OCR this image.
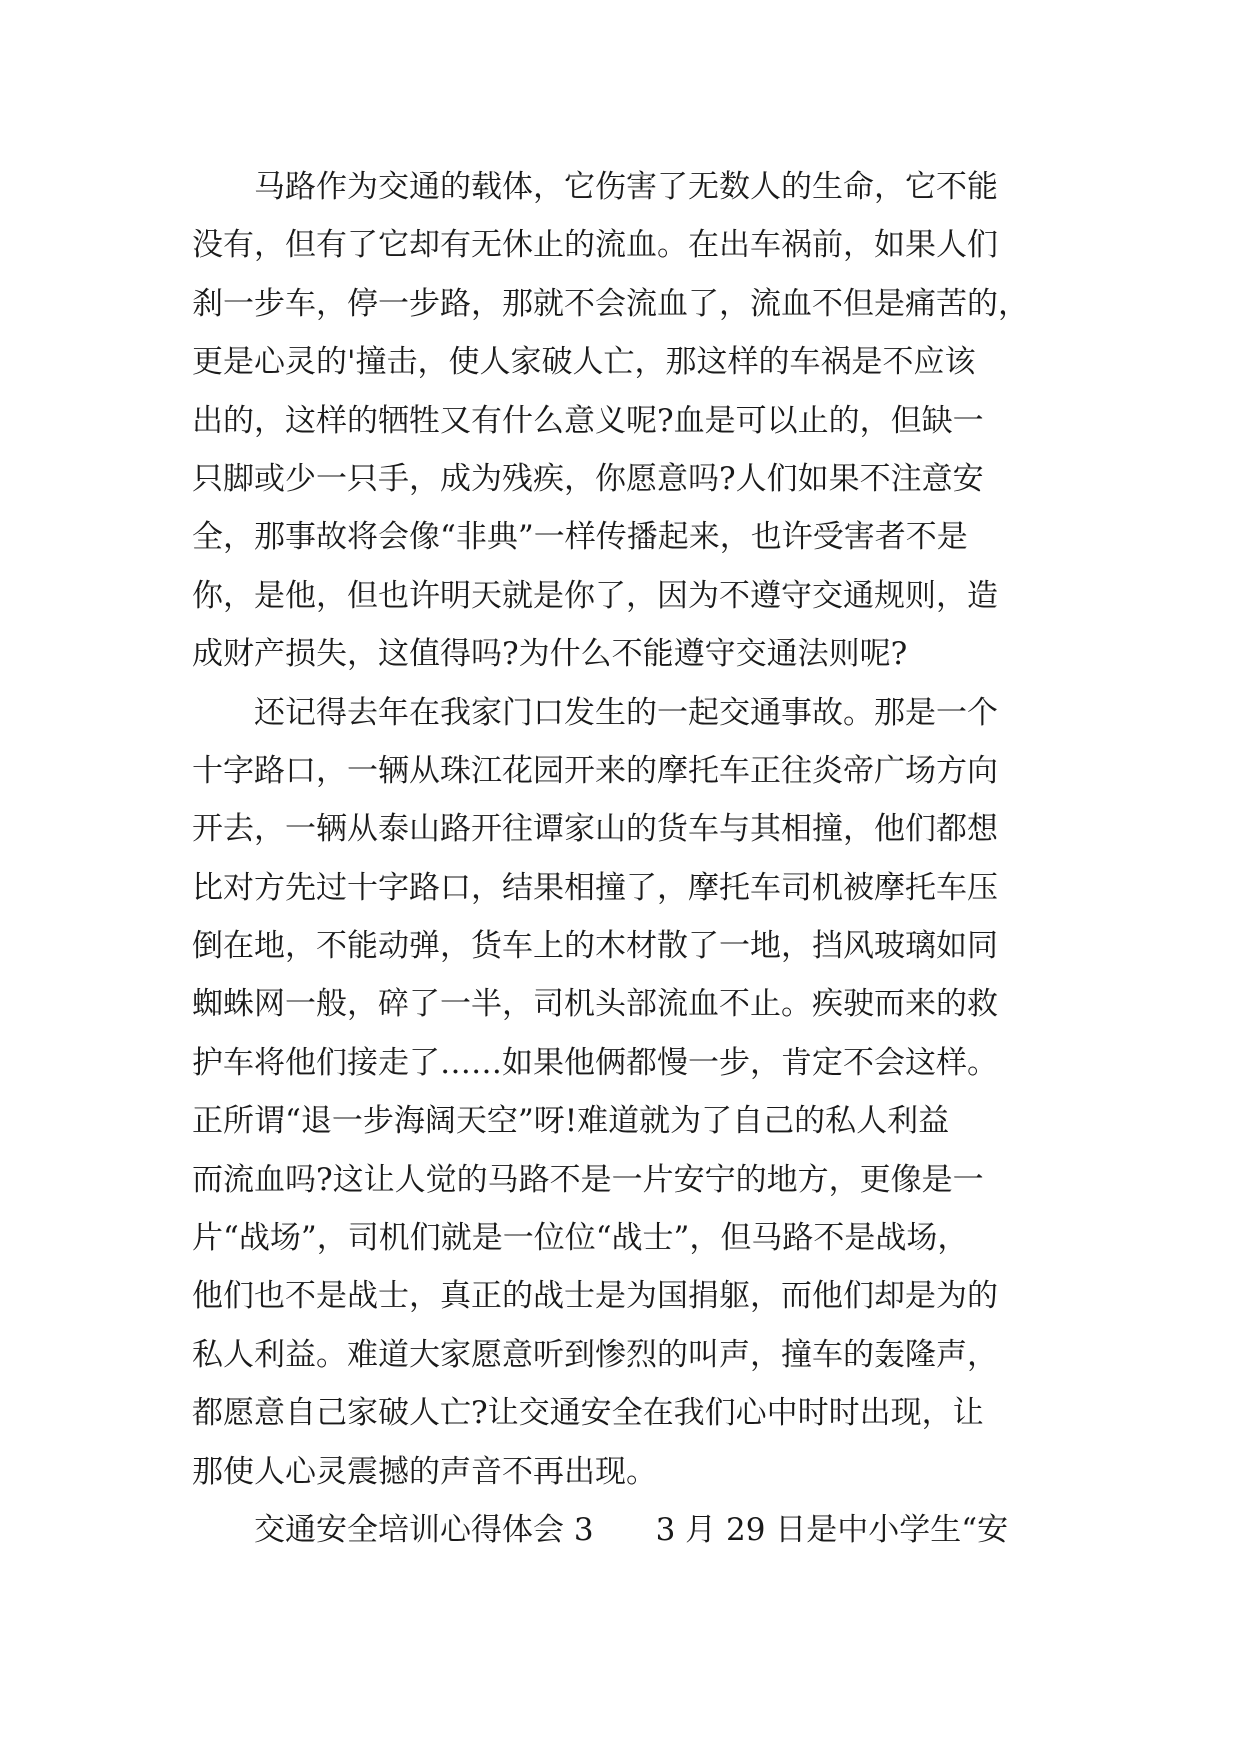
　　马路作为交通的载体，它伤害了无数人的生命，它不能

没有，但有了它却有无休止的流血。在出车祸前，如果人们

刹一步车，停一步路，那就不会流血了，流血不但是痛苦的，

更是心灵的'撞击，使人家破人亡，那这样的车祸是不应该

出的，这样的牺牲又有什么意义呢?血是可以止的，但缺一

只脚或少一只手，成为残疾，你愿意吗?人们如果不注意安

全，那事故将会像“非典”一样传播起来，也许受害者不是

你，是他，但也许明天就是你了，因为不遵守交通规则，造

成财产损失，这值得吗?为什么不能遵守交通法则呢?

　　还记得去年在我家门口发生的一起交通事故。那是一个

十字路口，一辆从珠江花园开来的摩托车正往炎帝广场方向

开去，一辆从泰山路开往谭家山的货车与其相撞，他们都想

比对方先过十字路口，结果相撞了，摩托车司机被摩托车压

倒在地，不能动弹，货车上的木材散了一地，挡风玻璃如同

蜘蛛网一般，碎了一半，司机头部流血不止。疾驶而来的救

护车将他们接走了……如果他俩都慢一步，肯定不会这样。

正所谓“退一步海阔天空”呀!难道就为了自己的私人利益

而流血吗?这让人觉的马路不是一片安宁的地方，更像是一

片“战场”，司机们就是一位位“战士”，但马路不是战场，

他们也不是战士，真正的战士是为国捐躯，而他们却是为的

私人利益。难道大家愿意听到惨烈的叫声，撞车的轰隆声，

都愿意自己家破人亡?让交通安全在我们心中时时出现，让

那使人心灵震撼的声音不再出现。

　　交通安全培训心得体会 3　　3 月 29 日是中小学生“安
